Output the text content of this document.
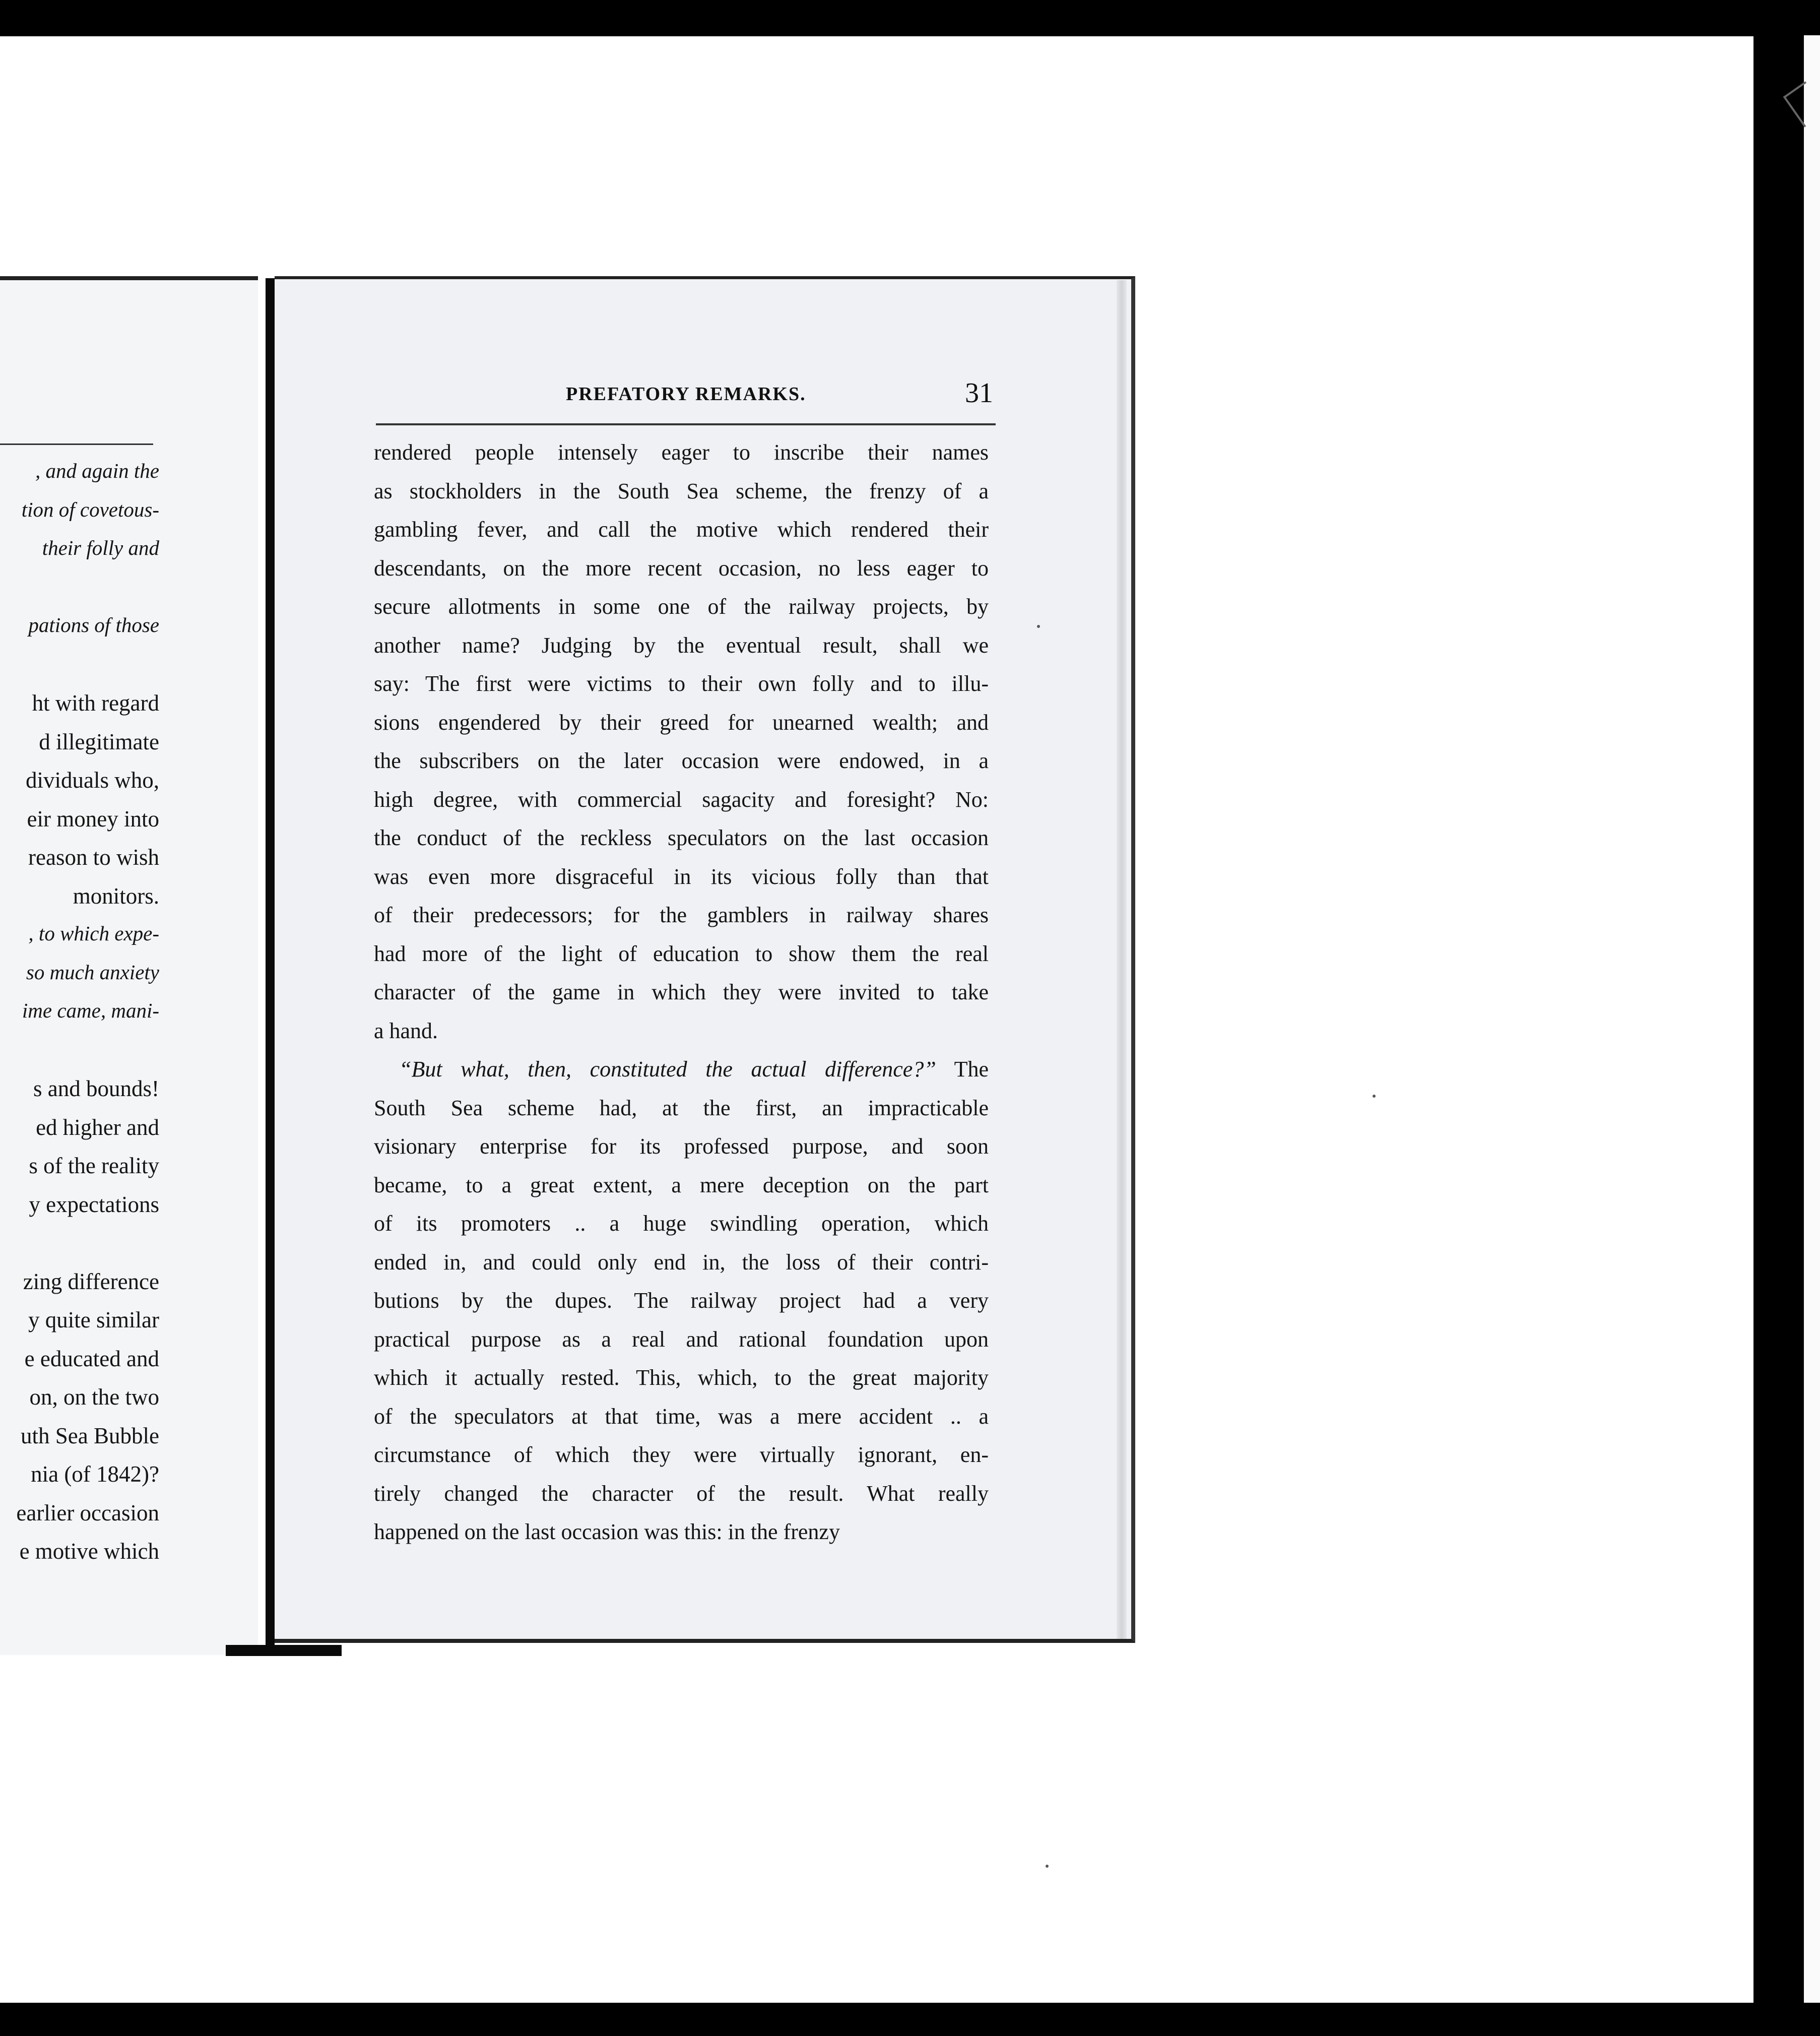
, and again the
tion of covetous-
their folly and
pations of those
ht with regard
d illegitimate
dividuals who,
eir money into
reason to wish
monitors.
, to which expe-
so much anxiety
ime came, mani-
s and bounds!
ed higher and
s of the reality
y expectations
zing difference
y quite similar
e educated and
on, on the two
uth Sea Bubble
nia (of 1842)?
earlier occasion
e motive which
PREFATORY REMARKS.	31
rendered people intensely eager to inscribe their names
as stockholders in the South Sea scheme, the frenzy of a
gambling fever, and call the motive which rendered their
descendants, on the more recent occasion, no less eager to
secure allotments in some one of the railway projects, by
another name? Judging by the eventual result, shall we
say: The first were victims to their own folly and to illu-
sions engendered by their greed for unearned wealth; and
the subscribers on the later occasion were endowed, in a
high degree, with commercial sagacity and foresight? No:
the conduct of the reckless speculators on the last occasion
was even more disgraceful in its vicious folly than that
of their predecessors; for the gamblers in railway shares
had more of the light of education to show them the real
character of the game in which they were invited to take
a hand.
“But what, then, constituted the actual difference?” The
South Sea scheme had, at the first, an impracticable
visionary enterprise for its professed purpose, and soon
became, to a great extent, a mere deception on the part
of its promoters .. a huge swindling operation, which
ended in, and could only end in, the loss of their contri-
butions by the dupes. The railway project had a very
practical purpose as a real and rational foundation upon
which it actually rested. This, which, to the great majority
of the speculators at that time, was a mere accident .. a
circumstance of which they were virtually ignorant, en-
tirely changed the character of the result. What really
happened on the last occasion was this: in the frenzy
